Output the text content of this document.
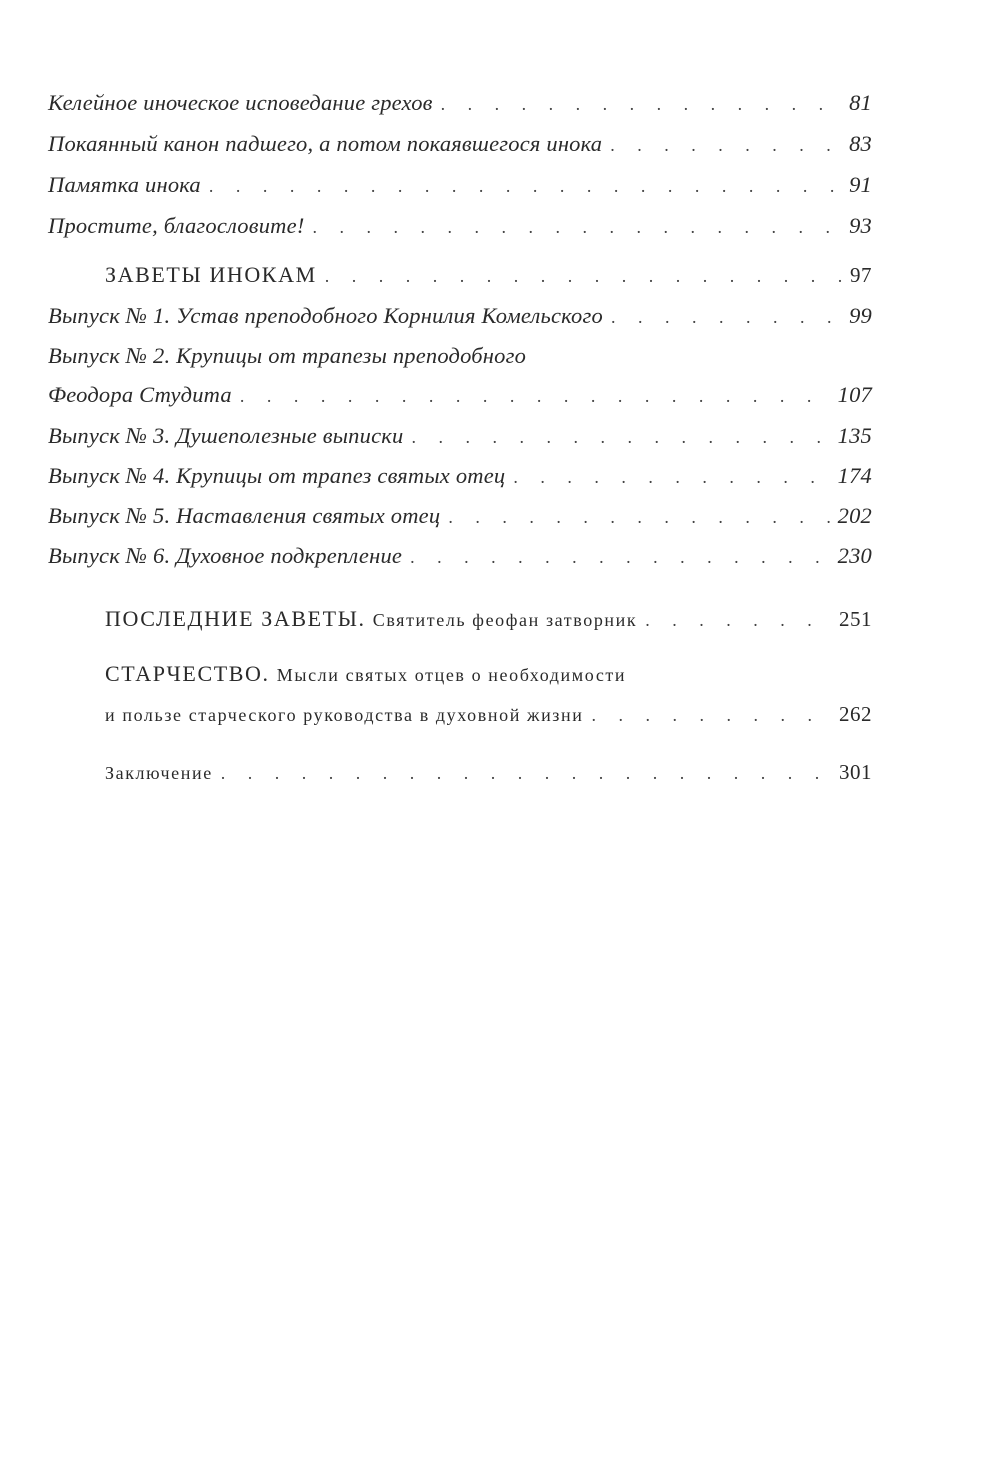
Келейное иноческое исповедание грехов . . .	81
Покаянный канон падшего, а потом покаявшегося инока . . .	83
Памятка инока . . .	91
Простите, благословите! . . .	93
ЗАВЕТЫ ИНОКАМ . . .	97
Выпуск № 1. Устав преподобного Корнилия Комельского . . .	99
Выпуск № 2. Крупицы от трапезы преподобного
Феодора Студита . . .	107
Выпуск № 3. Душеполезные выписки . . .	135
Выпуск № 4. Крупицы от трапез святых отец . . .	174
Выпуск № 5. Наставления святых отец . . .	202
Выпуск № 6. Духовное подкрепление . . .	230
ПОСЛЕДНИЕ ЗАВЕТЫ. Святитель феофан затворник . . .	251
СТАРЧЕСТВО. Мысли святых отцев о необходимости
и пользе старческого руководства в духовной жизни . . .	262
Заключение . . .	301
